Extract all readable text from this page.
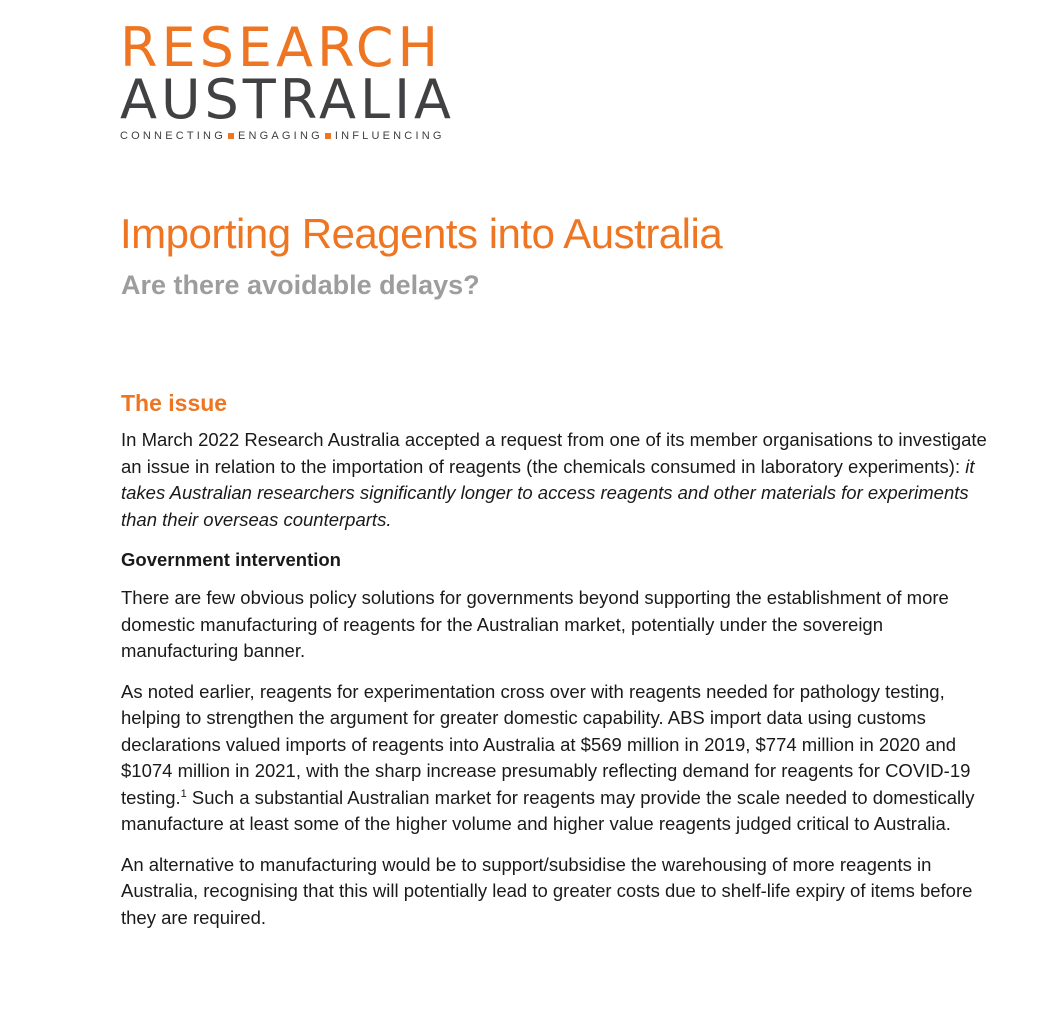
RESEARCH
AUSTRALIA
CONNECTING ENGAGING INFLUENCING
Importing Reagents into Australia
Are there avoidable delays?
The issue

In March 2022 Research Australia accepted a request from one of its member organisations to investigate an issue in relation to the importation of reagents (the chemicals consumed in laboratory experiments): it takes Australian researchers significantly longer to access reagents and other materials for experiments than their overseas counterparts.

Government intervention

There are few obvious policy solutions for governments beyond supporting the establishment of more domestic manufacturing of reagents for the Australian market, potentially under the sovereign manufacturing banner.

As noted earlier, reagents for experimentation cross over with reagents needed for pathology testing, helping to strengthen the argument for greater domestic capability. ABS import data using customs declarations valued imports of reagents into Australia at $569 million in 2019, $774 million in 2020 and $1074 million in 2021, with the sharp increase presumably reflecting demand for reagents for COVID-19 testing.$^1$ Such a substantial Australian market for reagents may provide the scale needed to domestically manufacture at least some of the higher volume and higher value reagents judged critical to Australia.

An alternative to manufacturing would be to support/subsidise the warehousing of more reagents in Australia, recognising that this will potentially lead to greater costs due to shelf-life expiry of items before they are required.
